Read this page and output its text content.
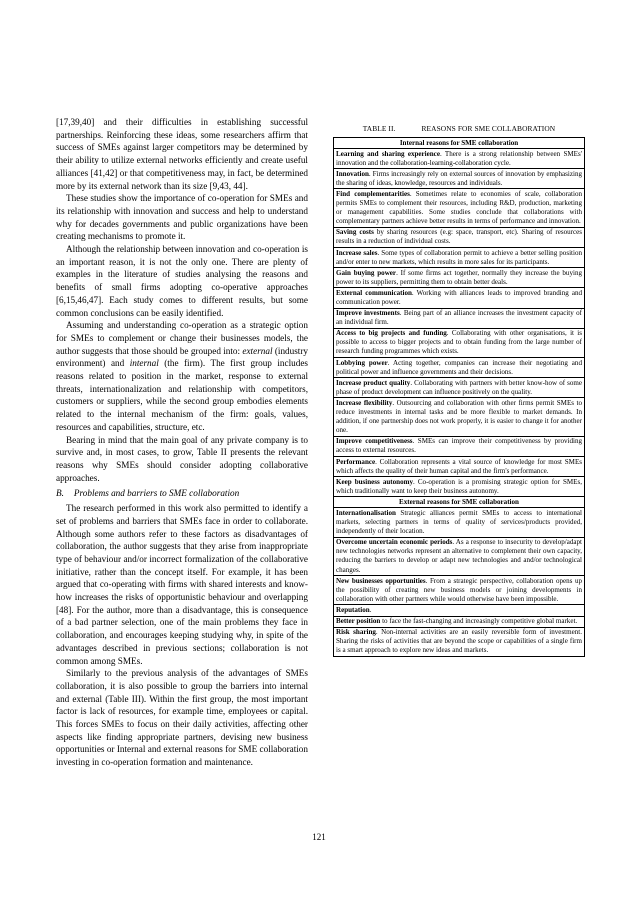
[17,39,40] and their difficulties in establishing successful partnerships. Reinforcing these ideas, some researchers affirm that success of SMEs against larger competitors may be determined by their ability to utilize external networks efficiently and create useful alliances [41,42] or that competitiveness may, in fact, be determined more by its external network than its size [9,43, 44].

These studies show the importance of co-operation for SMEs and its relationship with innovation and success and help to understand why for decades governments and public organizations have been creating mechanisms to promote it.

Although the relationship between innovation and co-operation is an important reason, it is not the only one. There are plenty of examples in the literature of studies analysing the reasons and benefits of small firms adopting co-operative approaches [6,15,46,47]. Each study comes to different results, but some common conclusions can be easily identified.

Assuming and understanding co-operation as a strategic option for SMEs to complement or change their businesses models, the author suggests that those should be grouped into: external (industry environment) and internal (the firm). The first group includes reasons related to position in the market, response to external threats, internationalization and relationship with competitors, customers or suppliers, while the second group embodies elements related to the internal mechanism of the firm: goals, values, resources and capabilities, structure, etc.

Bearing in mind that the main goal of any private company is to survive and, in most cases, to grow, Table II presents the relevant reasons why SMEs should consider adopting collaborative approaches.

B. Problems and barriers to SME collaboration

The research performed in this work also permitted to identify a set of problems and barriers that SMEs face in order to collaborate. Although some authors refer to these factors as disadvantages of collaboration, the author suggests that they arise from inappropriate type of behaviour and/or incorrect formalization of the collaborative initiative, rather than the concept itself. For example, it has been argued that co-operating with firms with shared interests and know-how increases the risks of opportunistic behaviour and overlapping [48]. For the author, more than a disadvantage, this is consequence of a bad partner selection, one of the main problems they face in collaboration, and encourages keeping studying why, in spite of the advantages described in previous sections; collaboration is not common among SMEs.

Similarly to the previous analysis of the advantages of SMEs collaboration, it is also possible to group the barriers into internal and external (Table III). Within the first group, the most important factor is lack of resources, for example time, employees or capital. This forces SMEs to focus on their daily activities, affecting other aspects like finding appropriate partners, devising new business opportunities or Internal and external reasons for SME collaboration investing in co-operation formation and maintenance.

TABLE II.	REASONS FOR SME COLLABORATION
Internal reasons for SME collaboration
Learning and sharing experience. There is a strong relationship between SMEs' innovation and the collaboration-learning-collaboration cycle.
Innovation. Firms increasingly rely on external sources of innovation by emphasizing the sharing of ideas, knowledge, resources and individuals.
Find complementarities. Sometimes relate to economies of scale, collaboration permits SMEs to complement their resources, including R&D, production, marketing or management capabilities. Some studies conclude that collaborations with complementary partners achieve better results in terms of performance and innovation.
Saving costs by sharing resources (e.g: space, transport, etc). Sharing of resources results in a reduction of individual costs.
Increase sales. Some types of collaboration permit to achieve a better selling position and/or enter to new markets, which results in more sales for its participants.
Gain buying power. If some firms act together, normally they increase the buying power to its suppliers, permitting them to obtain better deals.
External communication. Working with alliances leads to improved branding and communication power.
Improve investments. Being part of an alliance increases the investment capacity of an individual firm.
Access to big projects and funding. Collaborating with other organisations, it is possible to access to bigger projects and to obtain funding from the large number of research funding programmes which exists.
Lobbying power. Acting together, companies can increase their negotiating and political power and influence governments and their decisions.
Increase product quality. Collaborating with partners with better know-how of some phase of product development can influence positively on the quality.
Increase flexibility. Outsourcing and collaboration with other firms permit SMEs to reduce investments in internal tasks and be more flexible to market demands. In addition, if one partnership does not work properly, it is easier to change it for another one.
Improve competitiveness. SMEs can improve their competitiveness by providing access to external resources.
Performance. Collaboration represents a vital source of knowledge for most SMEs which affects the quality of their human capital and the firm's performance.
Keep business autonomy. Co-operation is a promising strategic option for SMEs, which traditionally want to keep their business autonomy.
External reasons for SME collaboration
Internationalisation Strategic alliances permit SMEs to access to international markets, selecting partners in terms of quality of services/products provided, independently of their location.
Overcome uncertain economic periods. As a response to insecurity to develop/adapt new technologies networks represent an alternative to complement their own capacity, reducing the barriers to develop or adapt new technologies and and/or technological changes.
New businesses opportunities. From a strategic perspective, collaboration opens up the possibility of creating new business models or joining developments in collaboration with other partners while would otherwise have been impossible.
Reputation.
Better position to face the fast-changing and increasingly competitive global market.
Risk sharing. Non-internal activities are an easily reversible form of investment. Sharing the risks of activities that are beyond the scope or capabilities of a single firm is a smart approach to explore new ideas and markets.
121
